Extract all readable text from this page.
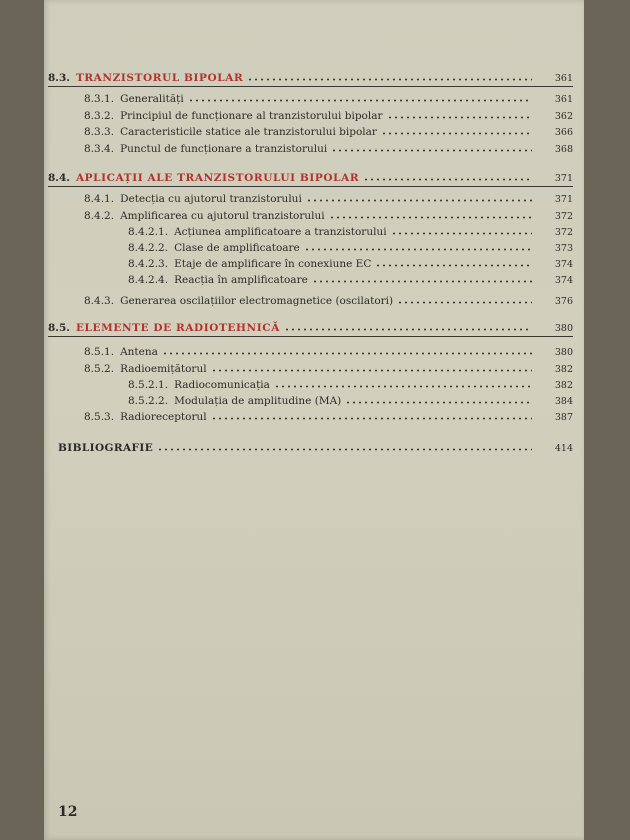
8.3. TRANZISTORUL BIPOLAR	361
8.3.1. Generalități	361
8.3.2. Principiul de funcționare al tranzistorului bipolar	362
8.3.3. Caracteristicile statice ale tranzistorului bipolar	366
8.3.4. Punctul de funcționare a tranzistorului	368
8.4. APLICAȚII ALE TRANZISTORULUI BIPOLAR	371
8.4.1. Detecția cu ajutorul tranzistorului	371
8.4.2. Amplificarea cu ajutorul tranzistorului	372
8.4.2.1. Acțiunea amplificatoare a tranzistorului	372
8.4.2.2. Clase de amplificatoare	373
8.4.2.3. Etaje de amplificare în conexiune EC	374
8.4.2.4. Reacția în amplificatoare	374
8.4.3. Generarea oscilațiilor electromagnetice (oscilatori)	376
8.5. ELEMENTE DE RADIOTEHNICĂ	380
8.5.1. Antena	380
8.5.2. Radioemițătorul	382
8.5.2.1. Radiocomunicația	382
8.5.2.2. Modulația de amplitudine (MA)	384
8.5.3. Radioreceptorul	387
BIBLIOGRAFIE	414
12
